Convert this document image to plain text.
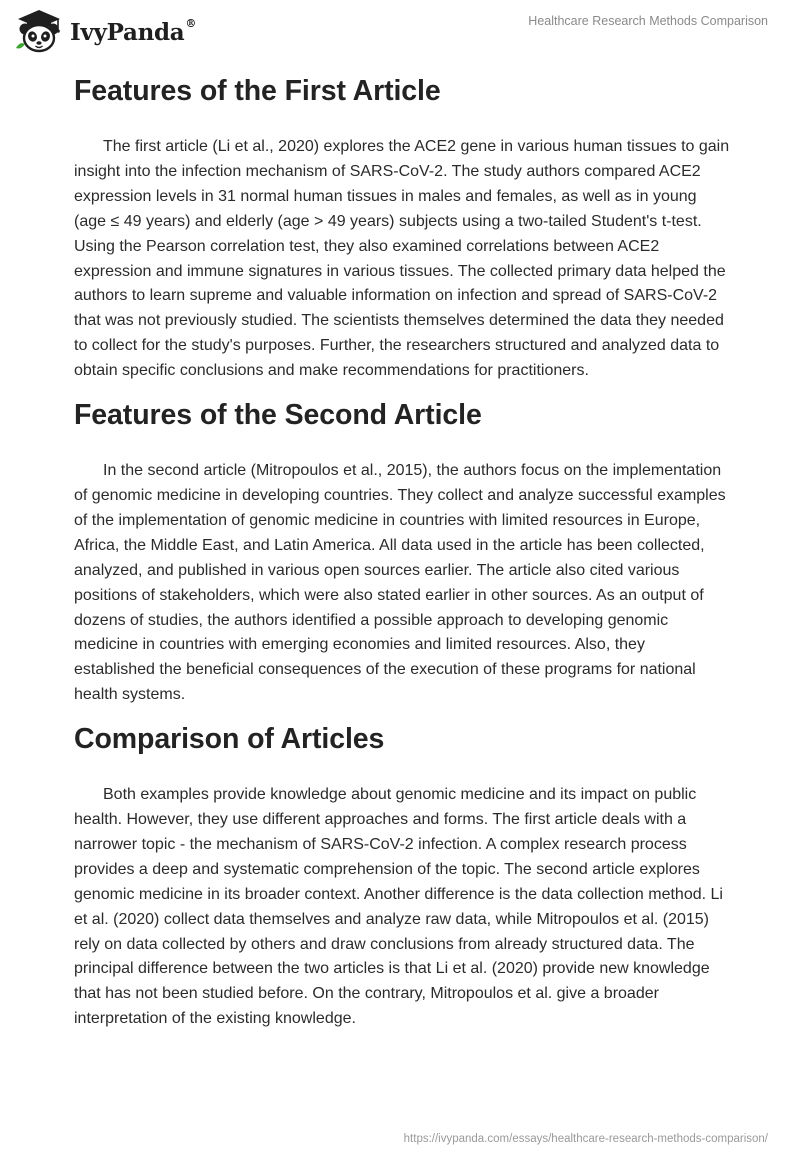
IvyPanda®	Healthcare Research Methods Comparison
Features of the First Article

The first article (Li et al., 2020) explores the ACE2 gene in various human tissues to gain insight into the infection mechanism of SARS-CoV-2. The study authors compared ACE2 expression levels in 31 normal human tissues in males and females, as well as in young (age ≤ 49 years) and elderly (age > 49 years) subjects using a two-tailed Student's t-test. Using the Pearson correlation test, they also examined correlations between ACE2 expression and immune signatures in various tissues. The collected primary data helped the authors to learn supreme and valuable information on infection and spread of SARS-CoV-2 that was not previously studied. The scientists themselves determined the data they needed to collect for the study's purposes. Further, the researchers structured and analyzed data to obtain specific conclusions and make recommendations for practitioners.

Features of the Second Article

In the second article (Mitropoulos et al., 2015), the authors focus on the implementation of genomic medicine in developing countries. They collect and analyze successful examples of the implementation of genomic medicine in countries with limited resources in Europe, Africa, the Middle East, and Latin America. All data used in the article has been collected, analyzed, and published in various open sources earlier. The article also cited various positions of stakeholders, which were also stated earlier in other sources. As an output of dozens of studies, the authors identified a possible approach to developing genomic medicine in countries with emerging economies and limited resources. Also, they established the beneficial consequences of the execution of these programs for national health systems.

Comparison of Articles

Both examples provide knowledge about genomic medicine and its impact on public health. However, they use different approaches and forms. The first article deals with a narrower topic - the mechanism of SARS-CoV-2 infection. A complex research process provides a deep and systematic comprehension of the topic. The second article explores genomic medicine in its broader context. Another difference is the data collection method. Li et al. (2020) collect data themselves and analyze raw data, while Mitropoulos et al. (2015) rely on data collected by others and draw conclusions from already structured data. The principal difference between the two articles is that Li et al. (2020) provide new knowledge that has not been studied before. On the contrary, Mitropoulos et al. give a broader interpretation of the existing knowledge.

https://ivypanda.com/essays/healthcare-research-methods-comparison/
